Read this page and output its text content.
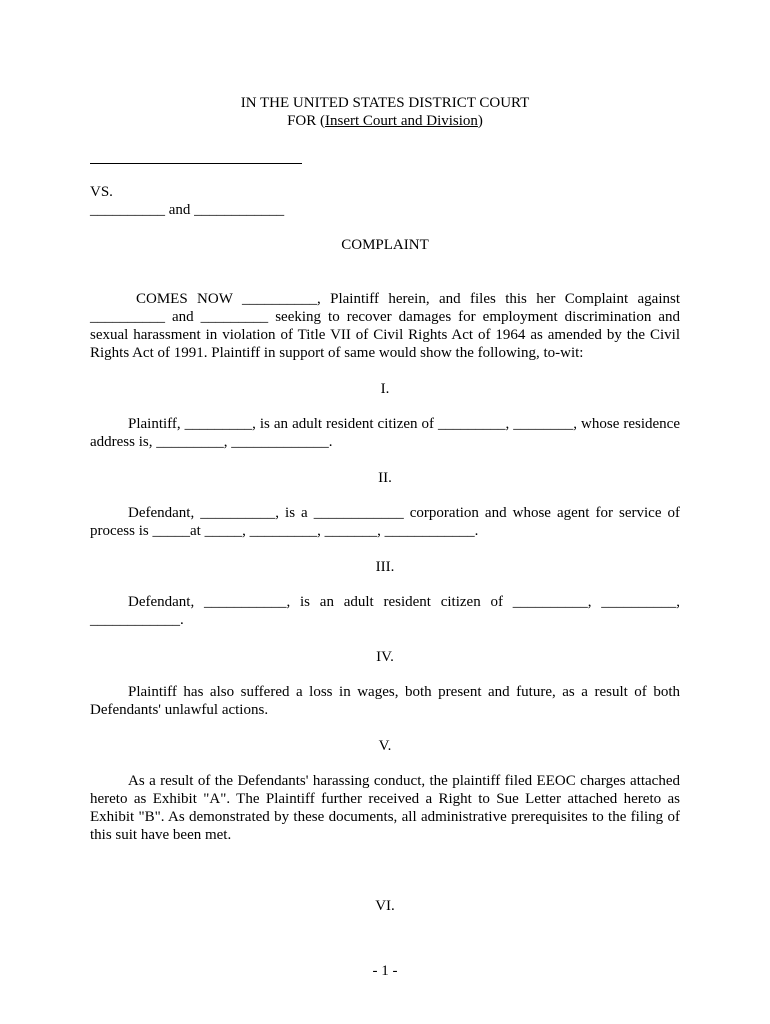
IN THE UNITED STATES DISTRICT COURT
FOR (Insert Court and Division)
VS.
__________ and ____________
COMPLAINT
COMES NOW __________, Plaintiff herein, and files this her Complaint against __________ and _________ seeking to recover damages for employment discrimination and sexual harassment in violation of Title VII of Civil Rights Act of 1964 as amended by the Civil Rights Act of 1991. Plaintiff in support of same would show the following, to-wit:
I.
Plaintiff, _________, is an adult resident citizen of _________, ________, whose residence address is, _________, _____________.
II.
Defendant, __________, is a ____________ corporation and whose agent for service of process is _____at _____, _________, _______, ____________.
III.
Defendant, ___________, is an adult resident citizen of __________, __________, ____________.
IV.
Plaintiff has also suffered a loss in wages, both present and future, as a result of both Defendants' unlawful actions.
V.
As a result of the Defendants' harassing conduct, the plaintiff filed EEOC charges attached hereto as Exhibit "A". The Plaintiff further received a Right to Sue Letter attached hereto as Exhibit "B". As demonstrated by these documents, all administrative prerequisites to the filing of this suit have been met.
VI.
- 1 -
